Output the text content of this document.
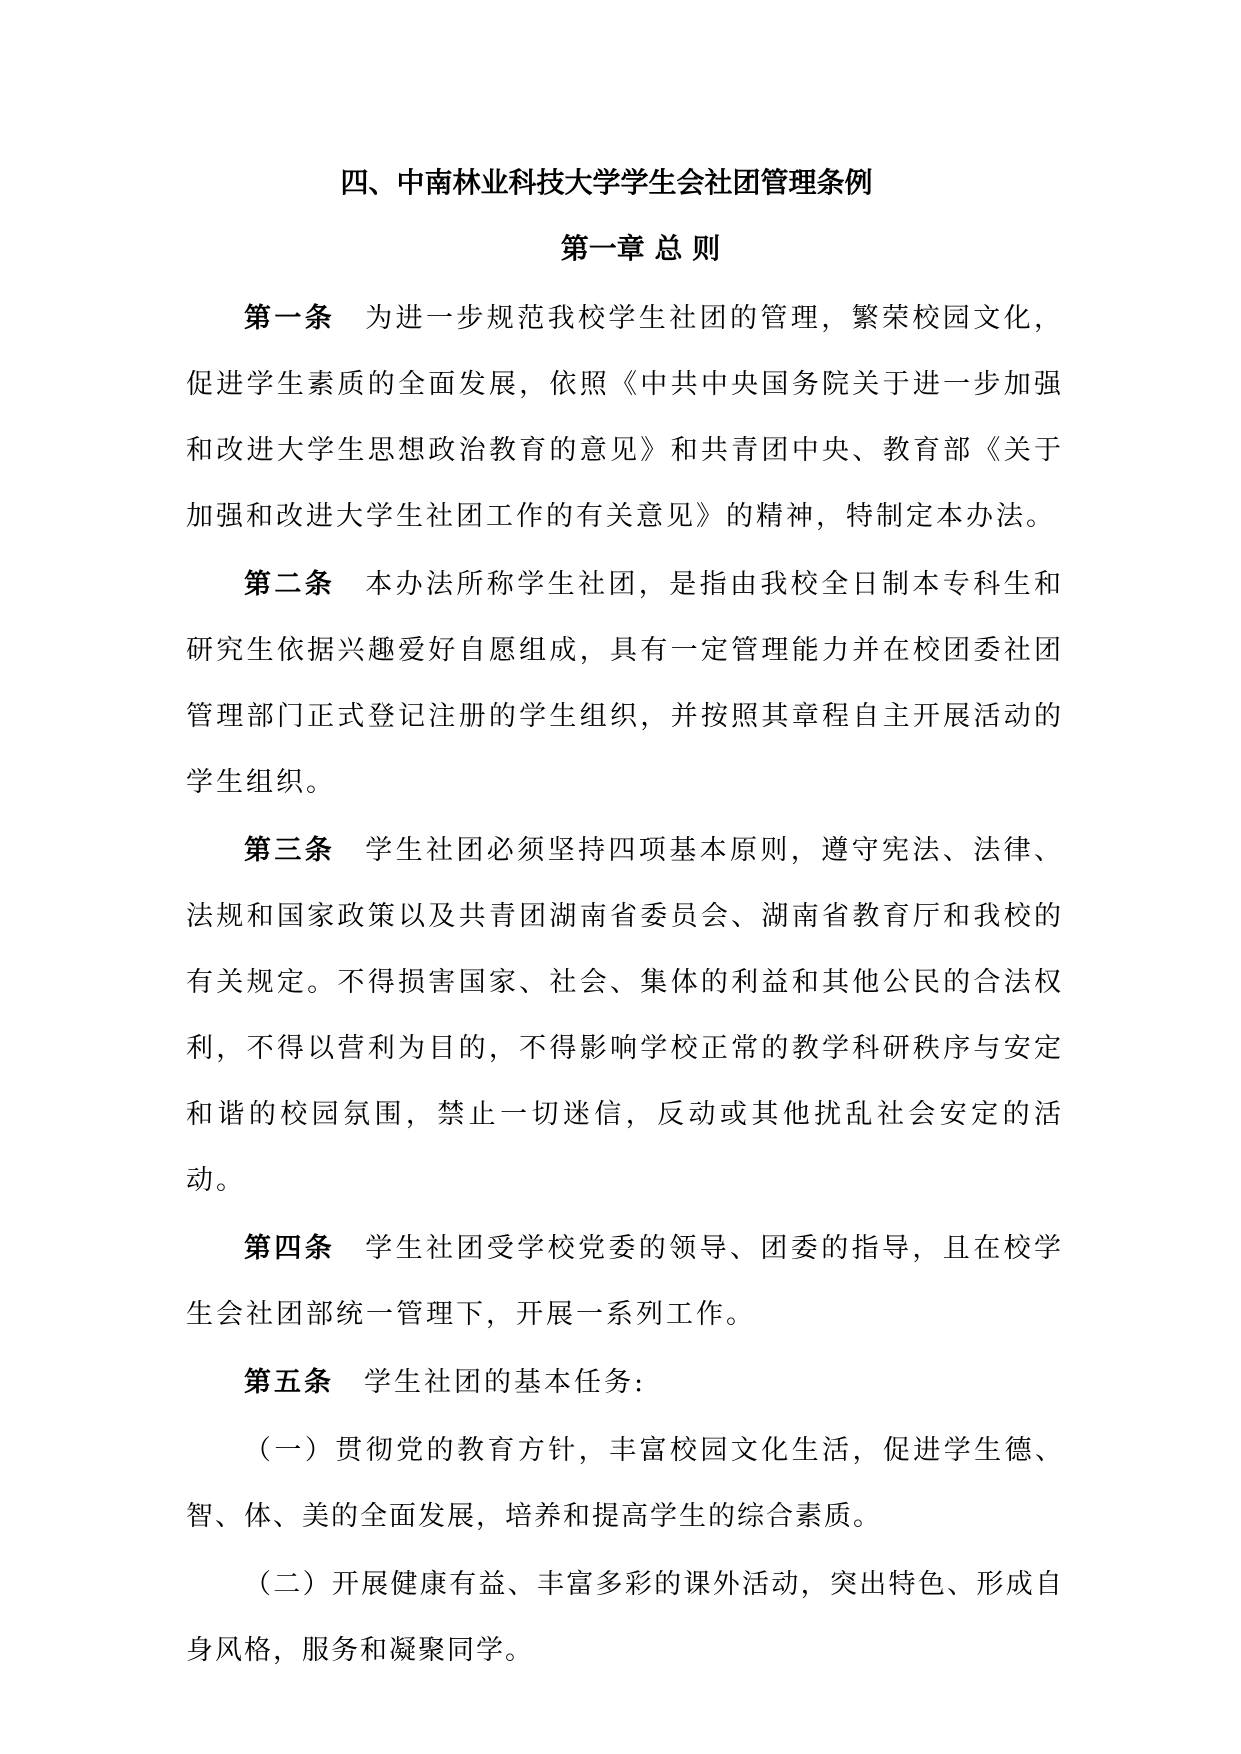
四、中南林业科技大学学生会社团管理条例
第一章 总 则

第一条 为进一步规范我校学生社团的管理，繁荣校园文化，促进学生素质的全面发展，依照《中共中央国务院关于进一步加强和改进大学生思想政治教育的意见》和共青团中央、教育部《关于加强和改进大学生社团工作的有关意见》的精神，特制定本办法。

第二条 本办法所称学生社团，是指由我校全日制本专科生和研究生依据兴趣爱好自愿组成，具有一定管理能力并在校团委社团管理部门正式登记注册的学生组织，并按照其章程自主开展活动的学生组织。

第三条 学生社团必须坚持四项基本原则，遵守宪法、法律、法规和国家政策以及共青团湖南省委员会、湖南省教育厅和我校的有关规定。不得损害国家、社会、集体的利益和其他公民的合法权利，不得以营利为目的，不得影响学校正常的教学科研秩序与安定和谐的校园氛围，禁止一切迷信，反动或其他扰乱社会安定的活动。

第四条 学生社团受学校党委的领导、团委的指导，且在校学生会社团部统一管理下，开展一系列工作。

第五条 学生社团的基本任务:

（一）贯彻党的教育方针，丰富校园文化生活，促进学生德、智、体、美的全面发展，培养和提高学生的综合素质。

（二）开展健康有益、丰富多彩的课外活动，突出特色、形成自身风格，服务和凝聚同学。
